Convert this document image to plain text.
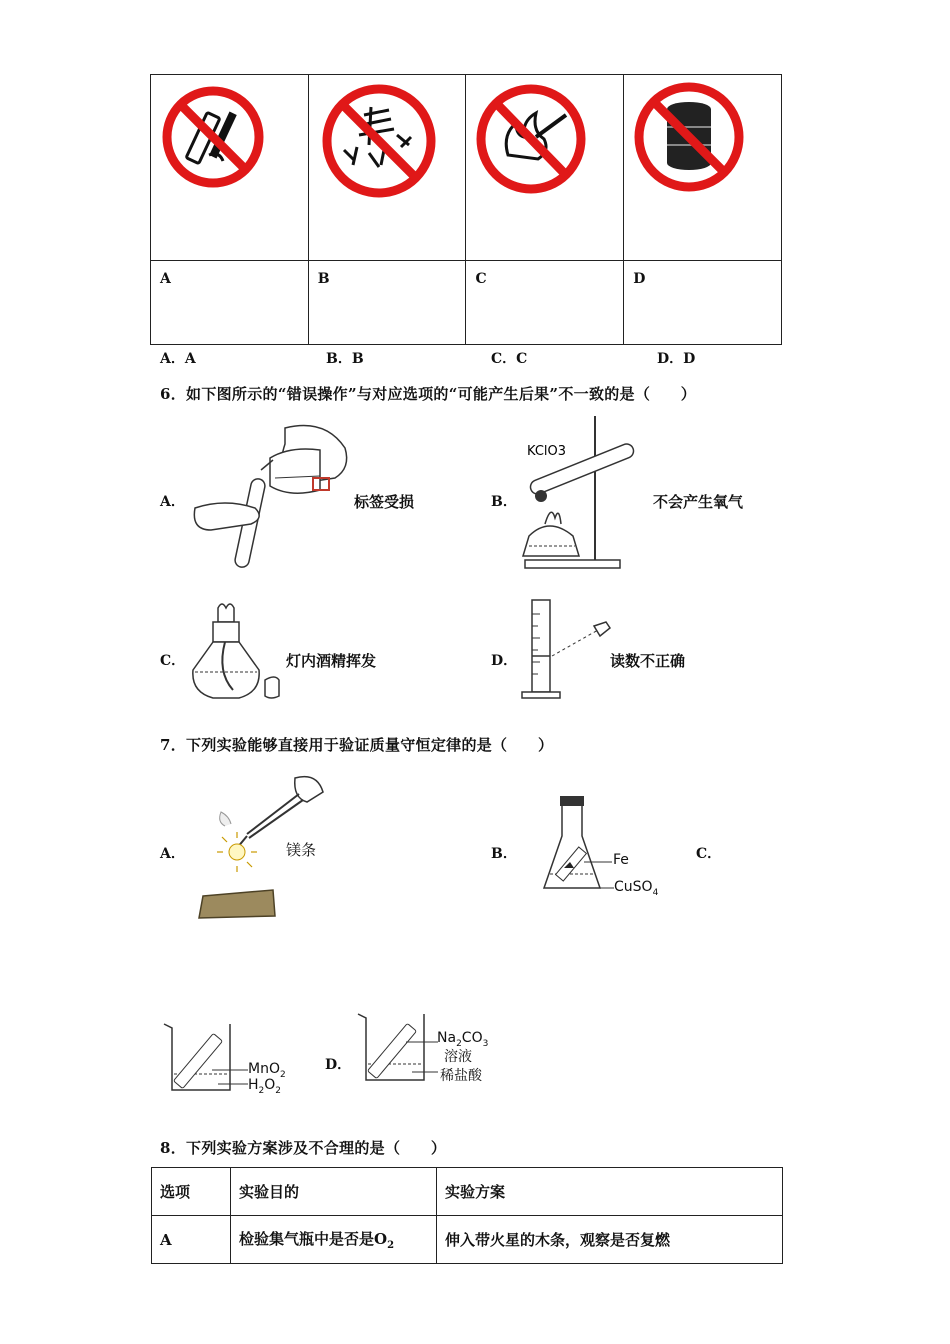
A	B	C	D
A．A	B．B	C．C	D．D
6．如下图所示的“错误操作”与对应选项的“可能产生后果”不一致的是（　　）
A．	标签受损	B．
KClO3
不会产生氧气
C．	灯内酒精挥发	D．	读数不正确
7．下列实验能够直接用于验证质量守恒定律的是（　　）
A．	镁条	B．	Fe
CuSO$_4$
C．
MnO$_2$
$H_2O_2$
D．
$Na_2CO_3$
溶液
稀盐酸
8．下列实验方案涉及不合理的是（　　）
选项	实验目的	实验方案
A	检验集气瓶中是否是$O_2$	伸入带火星的木条，观察是否复燃
